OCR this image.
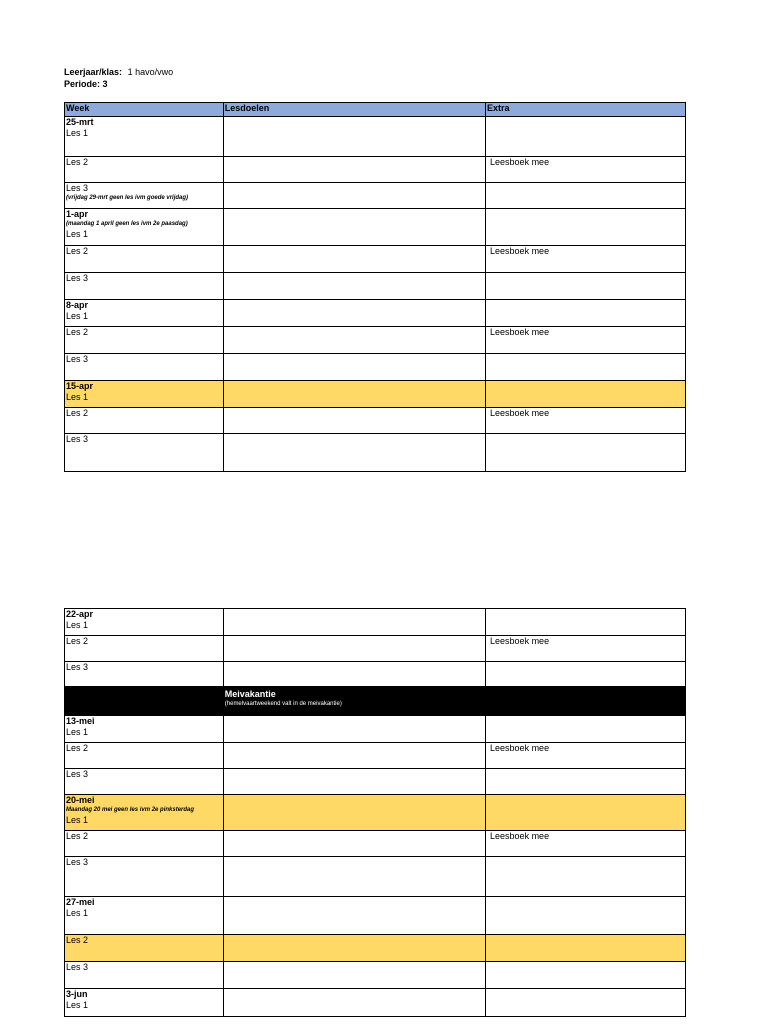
Leerjaar/klas: 1 havo/vwo
Periode: 3
Week	Lesdoelen	Extra

25-mrt
Les 1		

Les 2		Leesboek mee

Les 3
(vrijdag 29-mrt geen les ivm goede vrijdag)		

1-apr
(maandag 1 april geen les ivm 2e paasdag)
Les 1		

Les 2		Leesboek mee

Les 3		

8-apr
Les 1		

Les 2		Leesboek mee

Les 3		

15-apr
Les 1		

Les 2		Leesboek mee

Les 3		

22-apr
Les 1		

Les 2		Leesboek mee

Les 3		

	Meivakantie
(hemelvaartweekend valt in de meivakantie)	

13-mei
Les 1		

Les 2		Leesboek mee

Les 3		

20-mei
Maandag 20 mei geen les ivm 2e pinksterdag
Les 1		

Les 2		Leesboek mee

Les 3		

27-mei
Les 1		

Les 2		

Les 3		

3-jun
Les 1		
